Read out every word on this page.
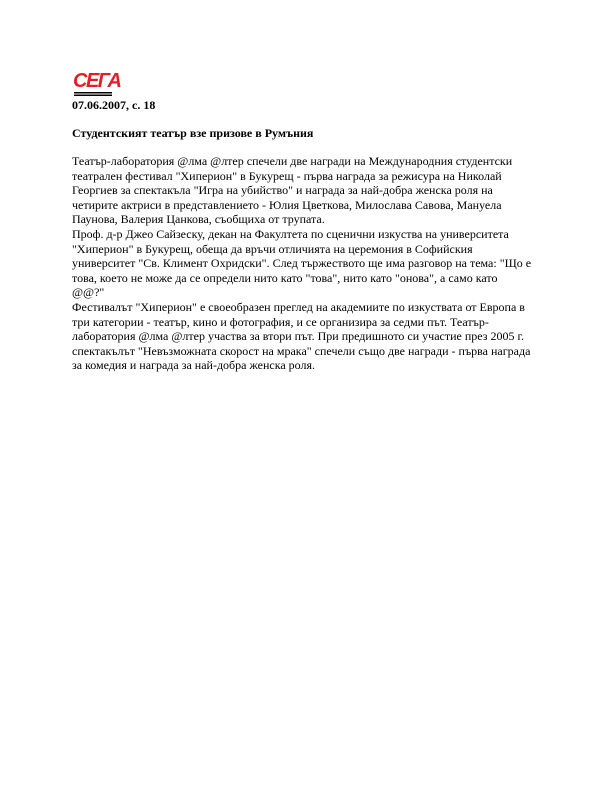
СЕГА
07.06.2007, с. 18
Студентският театър взе призове в Румъния

Театър-лаборатория @лма @лтер спечели две награди на Международния студентски театрален фестивал "Хиперион" в Букурещ - първа награда за режисура на Николай Георгиев за спектакъла "Игра на убийство" и награда за най-добра женска роля на четирите актриси в представлението - Юлия Цветкова, Милослава Савова, Мануела Паунова, Валерия Цанкова, съобщиха от трупата.

Проф. д-р Джео Сайзеску, декан на Факултета по сценични изкуства на университета "Хиперион" в Букурещ, обеща да връчи отличията на церемония в Софийския университет "Св. Климент Охридски". След тържеството ще има разговор на тема: "Що е това, което не може да се определи нито като "това", нито като "онова", а само като @@?"

Фестивалът "Хиперион" е своеобразен преглед на академиите по изкуствата от Европа в три категории - театър, кино и фотография, и се организира за седми път. Театър-лаборатория @лма @лтер участва за втори път. При предишното си участие през 2005 г. спектакълът "Невъзможната скорост на мрака" спечели също две награди - първа награда за комедия и награда за най-добра женска роля.
